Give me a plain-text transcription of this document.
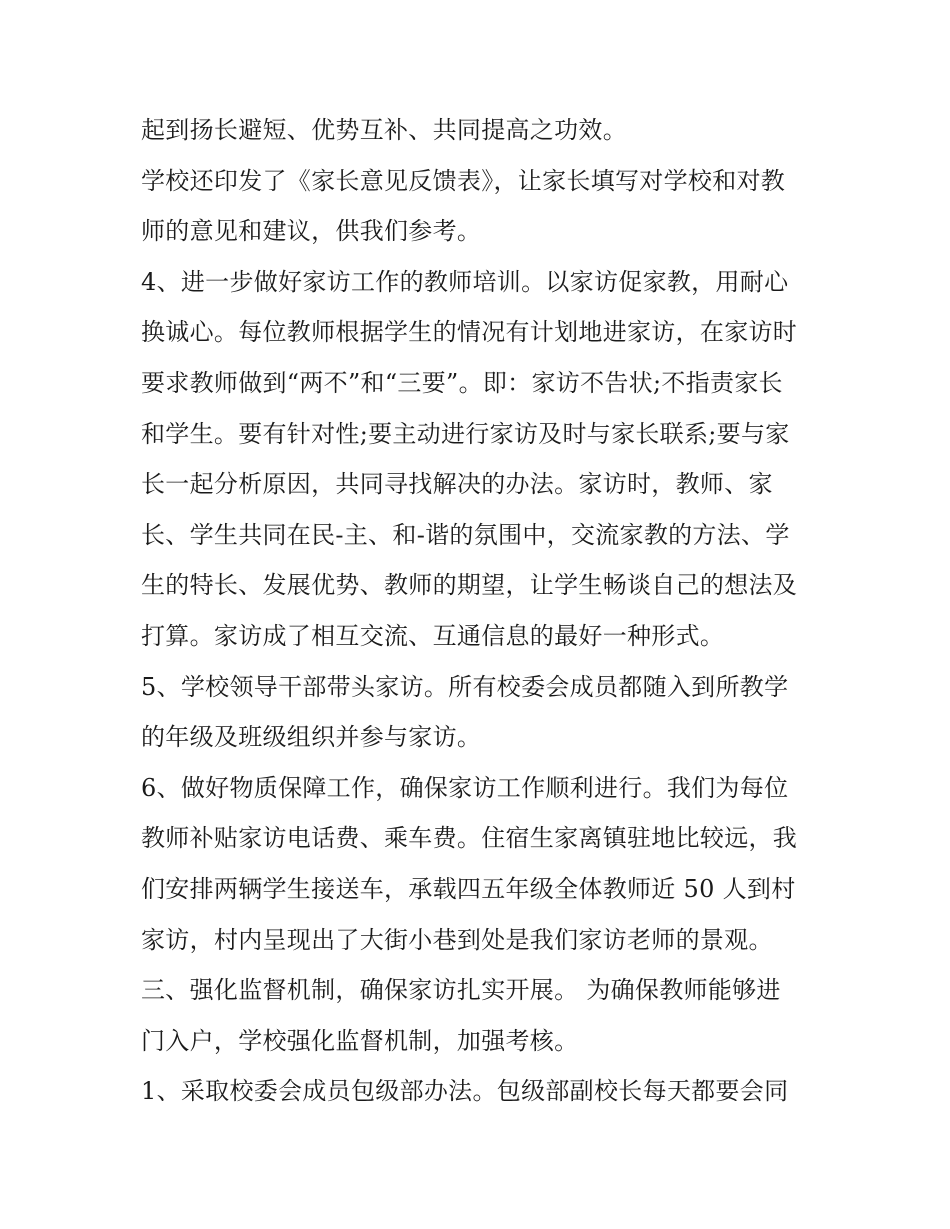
起到扬长避短、优势互补、共同提高之功效。
学校还印发了《家长意见反馈表》，让家长填写对学校和对教
师的意见和建议，供我们参考。
4、进一步做好家访工作的教师培训。以家访促家教，用耐心
换诚心。每位教师根据学生的情况有计划地进家访，在家访时
要求教师做到“两不”和“三要”。即：家访不告状;不指责家长
和学生。要有针对性;要主动进行家访及时与家长联系;要与家
长一起分析原因，共同寻找解决的办法。家访时，教师、家
长、学生共同在民-主、和-谐的氛围中，交流家教的方法、学
生的特长、发展优势、教师的期望，让学生畅谈自己的想法及
打算。家访成了相互交流、互通信息的最好一种形式。
5、学校领导干部带头家访。所有校委会成员都随入到所教学
的年级及班级组织并参与家访。
6、做好物质保障工作，确保家访工作顺利进行。我们为每位
教师补贴家访电话费、乘车费。住宿生家离镇驻地比较远，我
们安排两辆学生接送车，承载四五年级全体教师近 50 人到村
家访，村内呈现出了大街小巷到处是我们家访老师的景观。
三、强化监督机制，确保家访扎实开展。 为确保教师能够进
门入户，学校强化监督机制，加强考核。
1、采取校委会成员包级部办法。包级部副校长每天都要会同
